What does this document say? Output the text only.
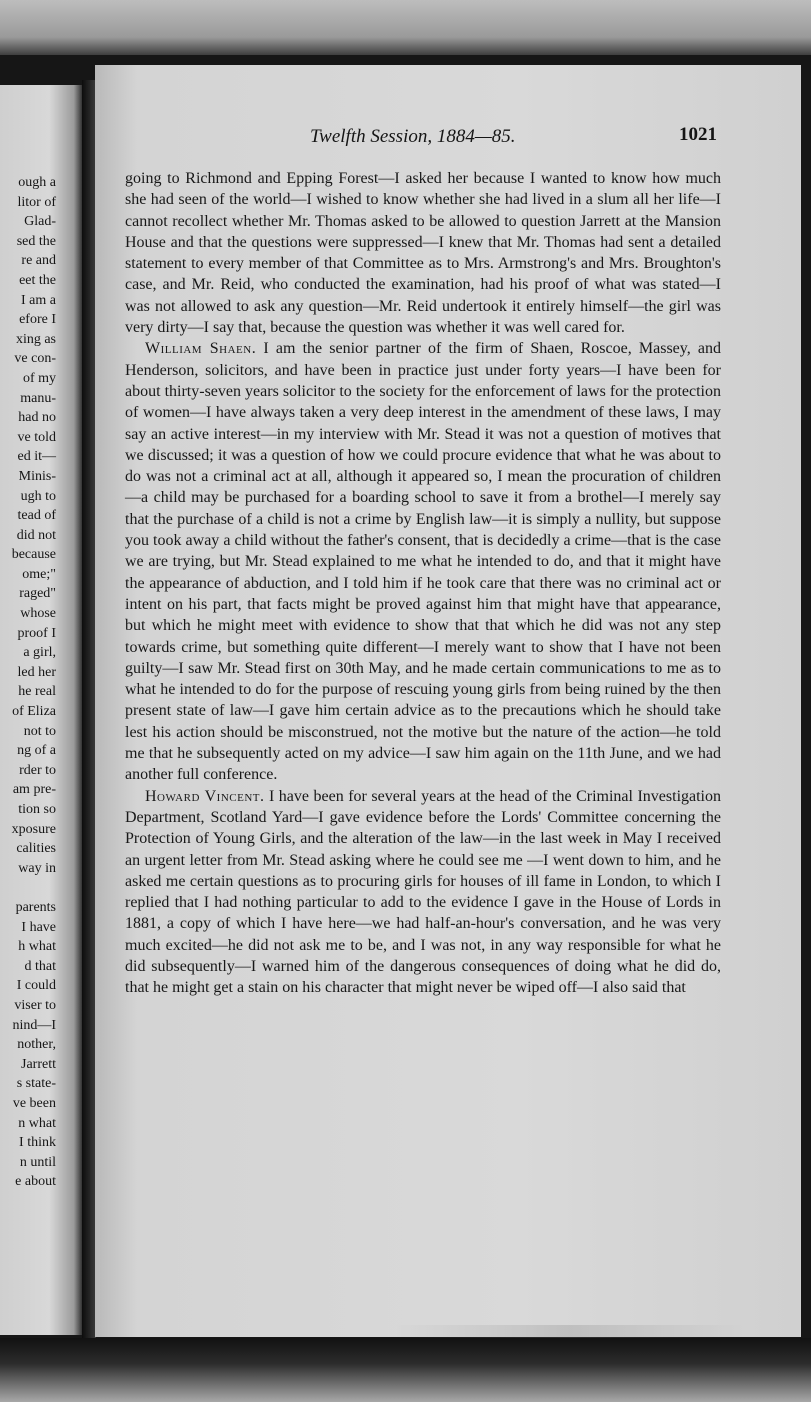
ough a
litor of
Glad-
sed the
re and
eet the
I am a
efore I
xing as
ve con-
of my
manu-
had no
ve told
ed it—
Minis-
ugh to
tead of
did not
because
ome;"
raged"
whose
proof I
a girl,
led her
he real
of Eliza
not to
ng of a
rder to
am pre-
tion so
xposure
calities
way in
parents
I have
h what
d that
I could
viser to
nind—I
nother,
Jarrett
s state-
ve been
n what
I think
n until
e about
Twelfth Session, 1884—85.	1021

going to Richmond and Epping Forest—I asked her because I wanted to know how much she had seen of the world—I wished to know whether she had lived in a slum all her life—I cannot recollect whether Mr. Thomas asked to be allowed to question Jarrett at the Mansion House and that the questions were suppressed—I knew that Mr. Thomas had sent a detailed statement to every member of that Committee as to Mrs. Armstrong's and Mrs. Broughton's case, and Mr. Reid, who conducted the examination, had his proof of what was stated—I was not allowed to ask any question—Mr. Reid undertook it entirely himself—the girl was very dirty—I say that, because the question was whether it was well cared for.

William Shaen. I am the senior partner of the firm of Shaen, Roscoe, Massey, and Henderson, solicitors, and have been in practice just under forty years—I have been for about thirty-seven years solicitor to the society for the enforcement of laws for the protection of women—I have always taken a very deep interest in the amendment of these laws, I may say an active interest—in my interview with Mr. Stead it was not a question of motives that we discussed; it was a question of how we could procure evidence that what he was about to do was not a criminal act at all, although it appeared so, I mean the procuration of children —a child may be purchased for a boarding school to save it from a brothel—I merely say that the purchase of a child is not a crime by English law—it is simply a nullity, but suppose you took away a child without the father's consent, that is decidedly a crime—that is the case we are trying, but Mr. Stead explained to me what he intended to do, and that it might have the appearance of abduction, and I told him if he took care that there was no criminal act or intent on his part, that facts might be proved against him that might have that appearance, but which he might meet with evidence to show that that which he did was not any step towards crime, but something quite different—I merely want to show that I have not been guilty—I saw Mr. Stead first on 30th May, and he made certain communications to me as to what he intended to do for the purpose of rescuing young girls from being ruined by the then present state of law—I gave him certain advice as to the precautions which he should take lest his action should be misconstrued, not the motive but the nature of the action—he told me that he subsequently acted on my advice—I saw him again on the 11th June, and we had another full conference.

Howard Vincent. I have been for several years at the head of the Criminal Investigation Department, Scotland Yard—I gave evidence before the Lords' Committee concerning the Protection of Young Girls, and the alteration of the law—in the last week in May I received an urgent letter from Mr. Stead asking where he could see me —I went down to him, and he asked me certain questions as to procuring girls for houses of ill fame in London, to which I replied that I had nothing particular to add to the evidence I gave in the House of Lords in 1881, a copy of which I have here—we had half-an-hour's conversation, and he was very much excited—he did not ask me to be, and I was not, in any way responsible for what he did subsequently—I warned him of the dangerous consequences of doing what he did do, that he might get a stain on his character that might never be wiped off—I also said that
